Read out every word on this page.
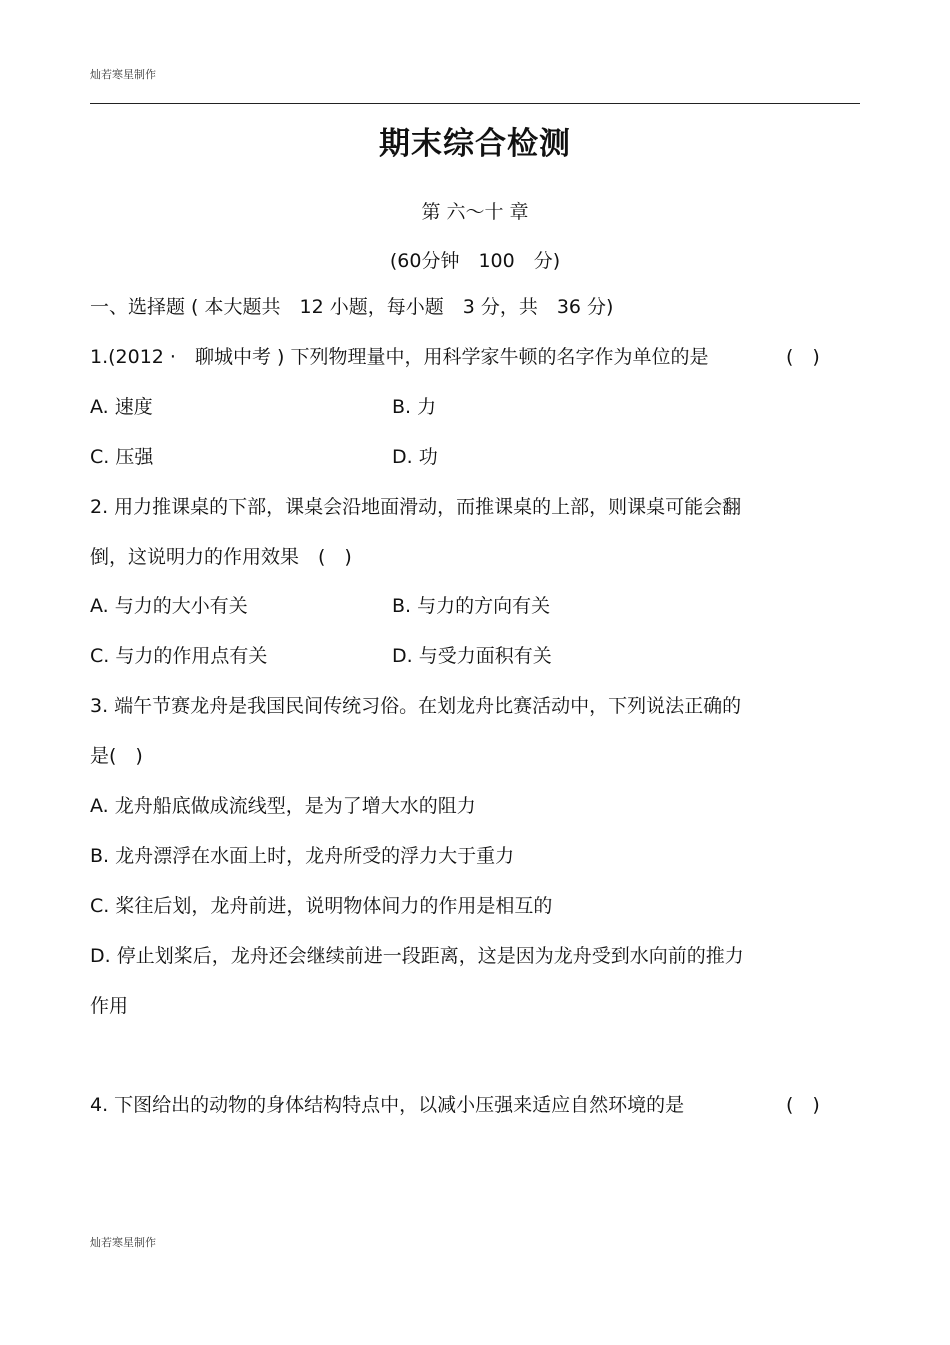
灿若寒星制作
期末综合检测
第 六～十 章
(60分钟　100　分)
一、选择题 ( 本大题共　12 小题，每小题　3 分，共　36 分)
1.(2012 ·　聊城中考 ) 下列物理量中，用科学家牛顿的名字作为单位的是	(　)
A. 速度	B. 力
C. 压强	D. 功
2. 用力推课桌的下部，课桌会沿地面滑动，而推课桌的上部，则课桌可能会翻
倒，这说明力的作用效果　(　)
A. 与力的大小有关	B. 与力的方向有关
C. 与力的作用点有关	D. 与受力面积有关
3. 端午节赛龙舟是我国民间传统习俗。在划龙舟比赛活动中，下列说法正确的
是(　)
A. 龙舟船底做成流线型，是为了增大水的阻力
B. 龙舟漂浮在水面上时，龙舟所受的浮力大于重力
C. 桨往后划，龙舟前进，说明物体间力的作用是相互的
D. 停止划桨后，龙舟还会继续前进一段距离，这是因为龙舟受到水向前的推力
作用
4. 下图给出的动物的身体结构特点中，以减小压强来适应自然环境的是	(　)
灿若寒星制作
